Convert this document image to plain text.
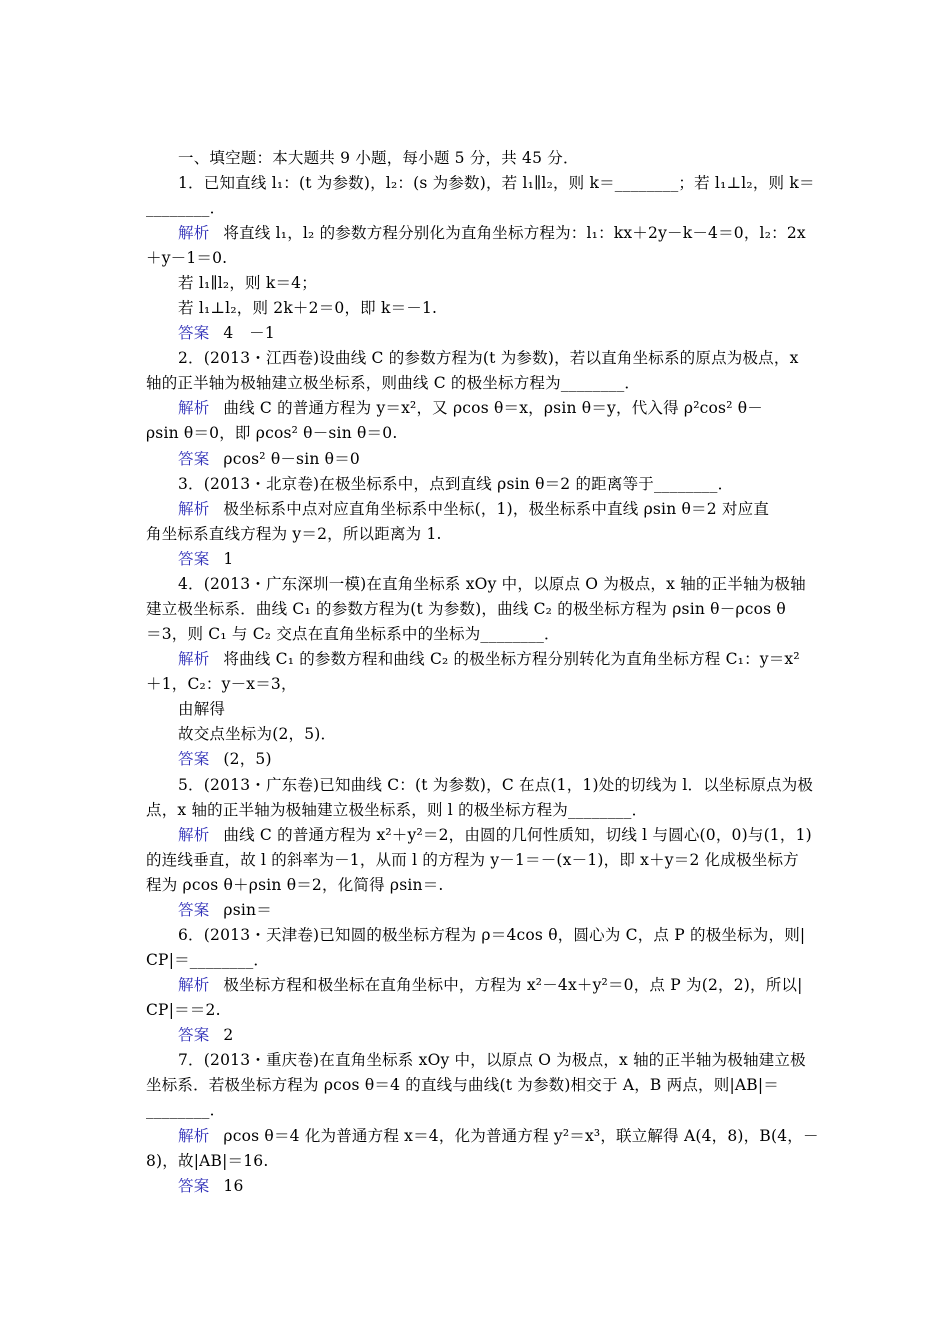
一、填空题：本大题共 9 小题，每小题 5 分，共 45 分．
1．已知直线 l₁：(t 为参数)，l₂：(s 为参数)，若 l₁∥l₂，则 k＝________；若 l₁⊥l₂，则 k＝
________．
解析 将直线 l₁，l₂ 的参数方程分别化为直角坐标方程为：l₁：kx＋2y－k－4＝0，l₂：2x
＋y－1＝0.
若 l₁∥l₂，则 k＝4；
若 l₁⊥l₂，则 2k＋2＝0，即 k＝－1.
答案 4　－1
2．(2013・江西卷)设曲线 C 的参数方程为(t 为参数)，若以直角坐标系的原点为极点，x
轴的正半轴为极轴建立极坐标系，则曲线 C 的极坐标方程为________．
解析 曲线 C 的普通方程为 y＝x²，又 ρcos θ＝x，ρsin θ＝y，代入得 ρ²cos² θ－
ρsin θ＝0，即 ρcos² θ－sin θ＝0.
答案 ρcos² θ－sin θ＝0
3．(2013・北京卷)在极坐标系中，点到直线 ρsin θ＝2 的距离等于________．
解析 极坐标系中点对应直角坐标系中坐标(，1)，极坐标系中直线 ρsin θ＝2 对应直
角坐标系直线方程为 y＝2，所以距离为 1.
答案 1
4．(2013・广东深圳一模)在直角坐标系 xOy 中，以原点 O 为极点，x 轴的正半轴为极轴
建立极坐标系．曲线 C₁ 的参数方程为(t 为参数)，曲线 C₂ 的极坐标方程为 ρsin θ－ρcos θ
＝3，则 C₁ 与 C₂ 交点在直角坐标系中的坐标为________．
解析 将曲线 C₁ 的参数方程和曲线 C₂ 的极坐标方程分别转化为直角坐标方程 C₁：y＝x²
＋1，C₂：y－x＝3，
由解得
故交点坐标为(2，5)．
答案 (2，5)
5．(2013・广东卷)已知曲线 C：(t 为参数)，C 在点(1，1)处的切线为 l．以坐标原点为极
点，x 轴的正半轴为极轴建立极坐标系，则 l 的极坐标方程为________．
解析 曲线 C 的普通方程为 x²＋y²＝2，由圆的几何性质知，切线 l 与圆心(0，0)与(1，1)
的连线垂直，故 l 的斜率为－1，从而 l 的方程为 y－1＝－(x－1)，即 x＋y＝2 化成极坐标方
程为 ρcos θ＋ρsin θ＝2，化简得 ρsin＝.
答案 ρsin＝
6．(2013・天津卷)已知圆的极坐标方程为 ρ＝4cos θ，圆心为 C，点 P 的极坐标为，则|
CP|＝________．
解析 极坐标方程和极坐标在直角坐标中，方程为 x²－4x＋y²＝0，点 P 为(2，2)，所以|
CP|＝＝2.
答案 2
7．(2013・重庆卷)在直角坐标系 xOy 中，以原点 O 为极点，x 轴的正半轴为极轴建立极
坐标系．若极坐标方程为 ρcos θ＝4 的直线与曲线(t 为参数)相交于 A，B 两点，则|AB|＝
________．
解析 ρcos θ＝4 化为普通方程 x＝4，化为普通方程 y²＝x³，联立解得 A(4，8)，B(4，－
8)，故|AB|＝16.
答案 16
